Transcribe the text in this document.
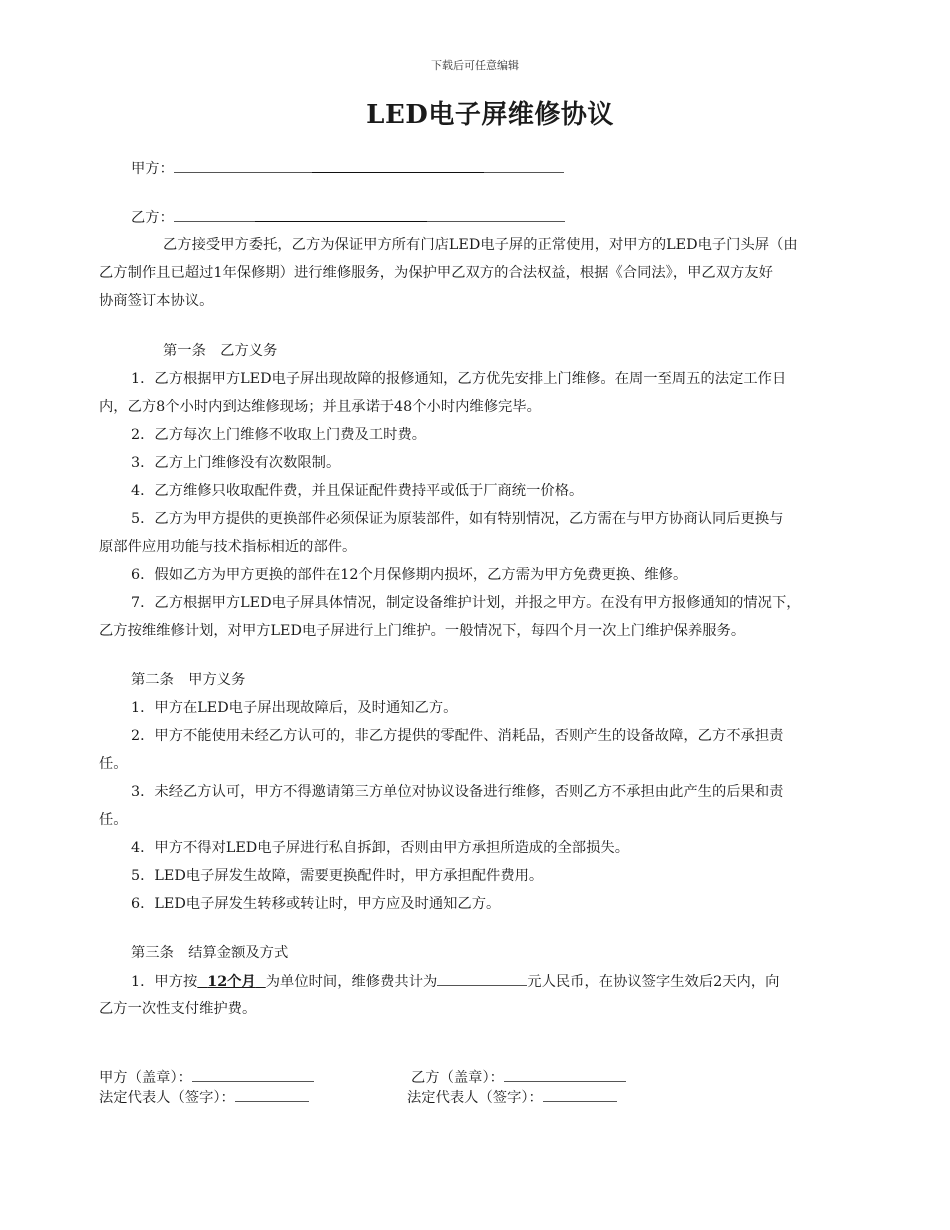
下载后可任意编辑
LED电子屏维修协议
甲方：
乙方：
乙方接受甲方委托，乙方为保证甲方所有门店LED电子屏的正常使用，对甲方的LED电子门头屏（由
乙方制作且已超过1年保修期）进行维修服务，为保护甲乙双方的合法权益，根据《合同法》，甲乙双方友好
协商签订本协议。
第一条　乙方义务
1．乙方根据甲方LED电子屏出现故障的报修通知，乙方优先安排上门维修。在周一至周五的法定工作日
内，乙方8个小时内到达维修现场；并且承诺于48个小时内维修完毕。
2．乙方每次上门维修不收取上门费及工时费。
3．乙方上门维修没有次数限制。
4．乙方维修只收取配件费，并且保证配件费持平或低于厂商统一价格。
5．乙方为甲方提供的更换部件必须保证为原装部件，如有特别情况，乙方需在与甲方协商认同后更换与
原部件应用功能与技术指标相近的部件。
6．假如乙方为甲方更换的部件在12个月保修期内损坏，乙方需为甲方免费更换、维修。
7．乙方根据甲方LED电子屏具体情况，制定设备维护计划，并报之甲方。在没有甲方报修通知的情况下，
乙方按维维修计划，对甲方LED电子屏进行上门维护。一般情况下，每四个月一次上门维护保养服务。
第二条　甲方义务
1．甲方在LED电子屏出现故障后，及时通知乙方。
2．甲方不能使用未经乙方认可的，非乙方提供的零配件、消耗品，否则产生的设备故障，乙方不承担责
任。
3．未经乙方认可，甲方不得邀请第三方单位对协议设备进行维修，否则乙方不承担由此产生的后果和责
任。
4．甲方不得对LED电子屏进行私自拆卸，否则由甲方承担所造成的全部损失。
5．LED电子屏发生故障，需要更换配件时，甲方承担配件费用。
6．LED电子屏发生转移或转让时，甲方应及时通知乙方。
第三条　结算金额及方式
1．甲方按 12个月 为单位时间，维修费共计为	元人民币，在协议签字生效后2天内，向
乙方一次性支付维护费。
甲方（盖章）：	乙方（盖章）：
法定代表人（签字）：	法定代表人（签字）：
